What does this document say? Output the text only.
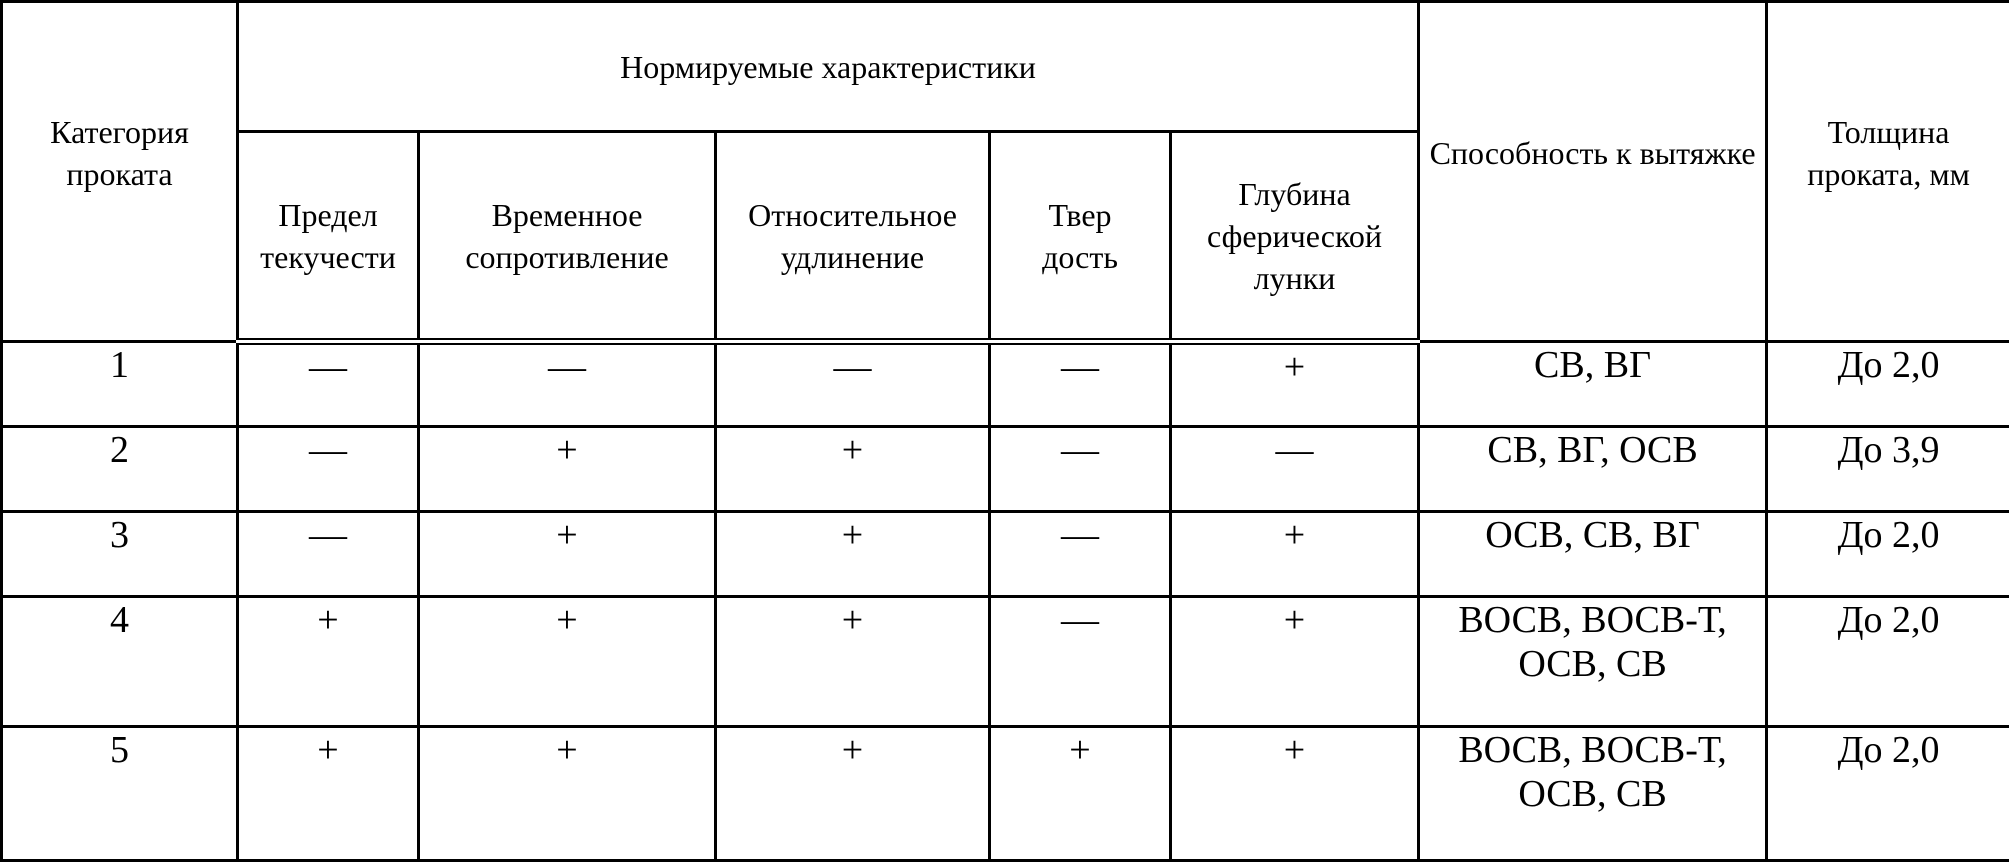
Категория проката	Нормируемые характеристики					Способность к вытяжке	Толщина проката, мм
	Предел текучести	Временное сопротивление	Относительное удлинение	Твер дость	Глубина сферической лунки		
1	—	—	—	—	+	СВ, ВГ	До 2,0
2	—	+	+	—	—	СВ, ВГ, ОСВ	До 3,9
3	—	+	+	—	+	ОСВ, СВ, ВГ	До 2,0
4	+	+	+	—	+	ВОСВ, ВОСВ-Т, ОСВ, СВ	До 2,0
5	+	+	+	+	+	ВОСВ, ВОСВ-Т, ОСВ, СВ	До 2,0
